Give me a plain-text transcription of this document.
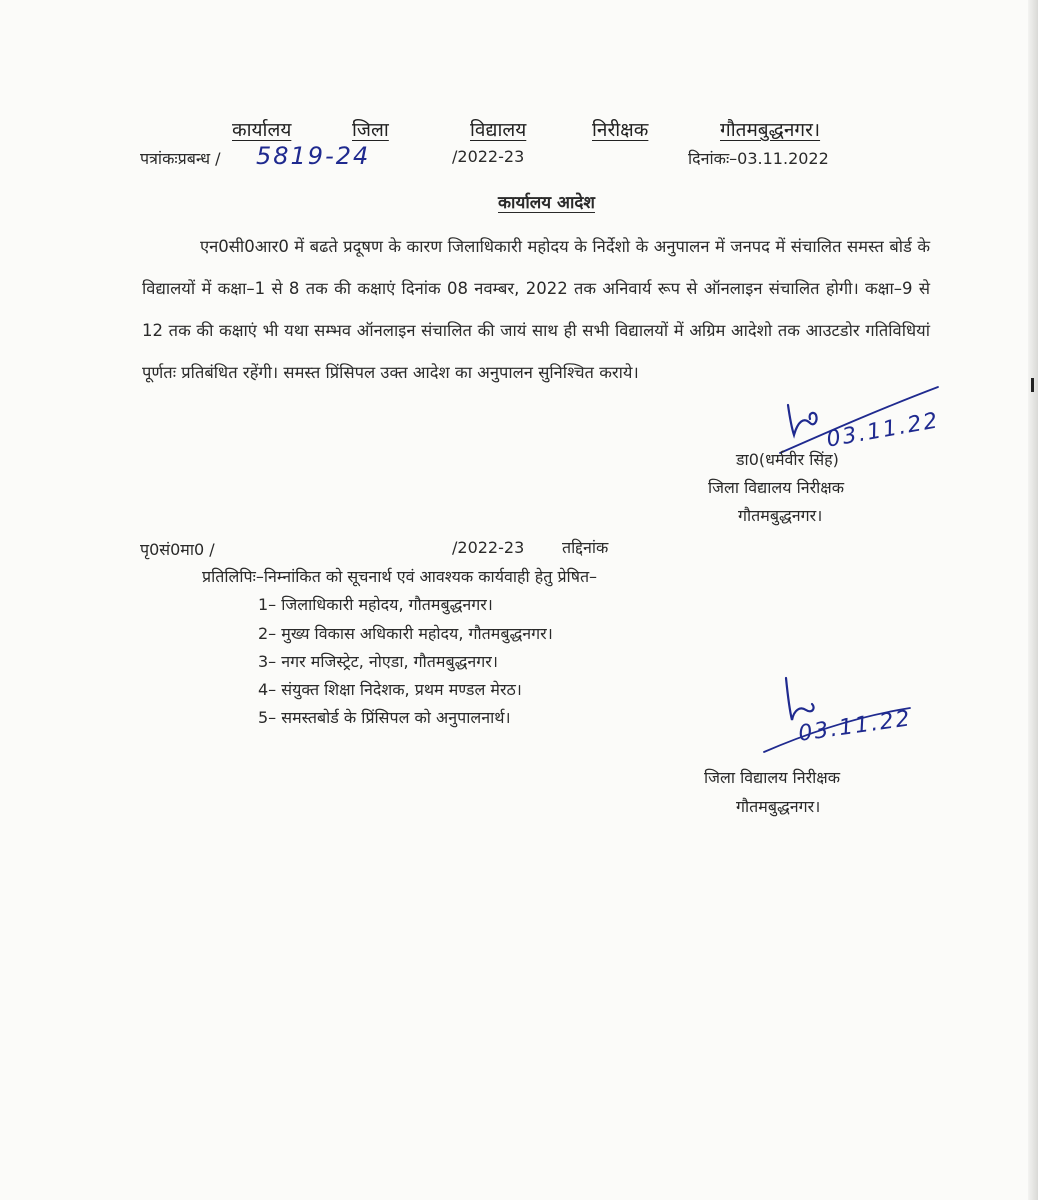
कार्यालय	जिला	विद्यालय	निरीक्षक	गौतमबुद्धनगर।
पत्रांकःप्रबन्ध / 5819-24	/2022-23	दिनांकः–03.11.2022
कार्यालय आदेश
एन0सी0आर0 में बढते प्रदूषण के कारण जिलाधिकारी महोदय के निर्देशो के अनुपालन में जनपद में संचालित समस्त बोर्ड के विद्यालयों में कक्षा–1 से 8 तक की कक्षाएं दिनांक 08 नवम्बर, 2022 तक अनिवार्य रूप से ऑनलाइन संचालित होगी। कक्षा–9 से 12 तक की कक्षाएं भी यथा सम्भव ऑनलाइन संचालित की जायं साथ ही सभी विद्यालयों में अग्रिम आदेशो तक आउटडोर गतिविधियां पूर्णतः प्रतिबंधित रहेंगी। समस्त प्रिंसिपल उक्त आदेश का अनुपालन सुनिश्चित कराये।
03.11.22
डा0(धर्मवीर सिंह)
जिला विद्यालय निरीक्षक
गौतमबुद्धनगर।
पृ0सं0मा0 /	/2022-23 तद्दिनांक
प्रतिलिपिः–निम्नांकित को सूचनार्थ एवं आवश्यक कार्यवाही हेतु प्रेषित–
1– जिलाधिकारी महोदय, गौतमबुद्धनगर।
2– मुख्य विकास अधिकारी महोदय, गौतमबुद्धनगर।
3– नगर मजिस्ट्रेट, नोएडा, गौतमबुद्धनगर।
4– संयुक्त शिक्षा निदेशक, प्रथम मण्डल मेरठ।
5– समस्तबोर्ड के प्रिंसिपल को अनुपालनार्थ।	03.11.22
जिला विद्यालय निरीक्षक
गौतमबुद्धनगर।
